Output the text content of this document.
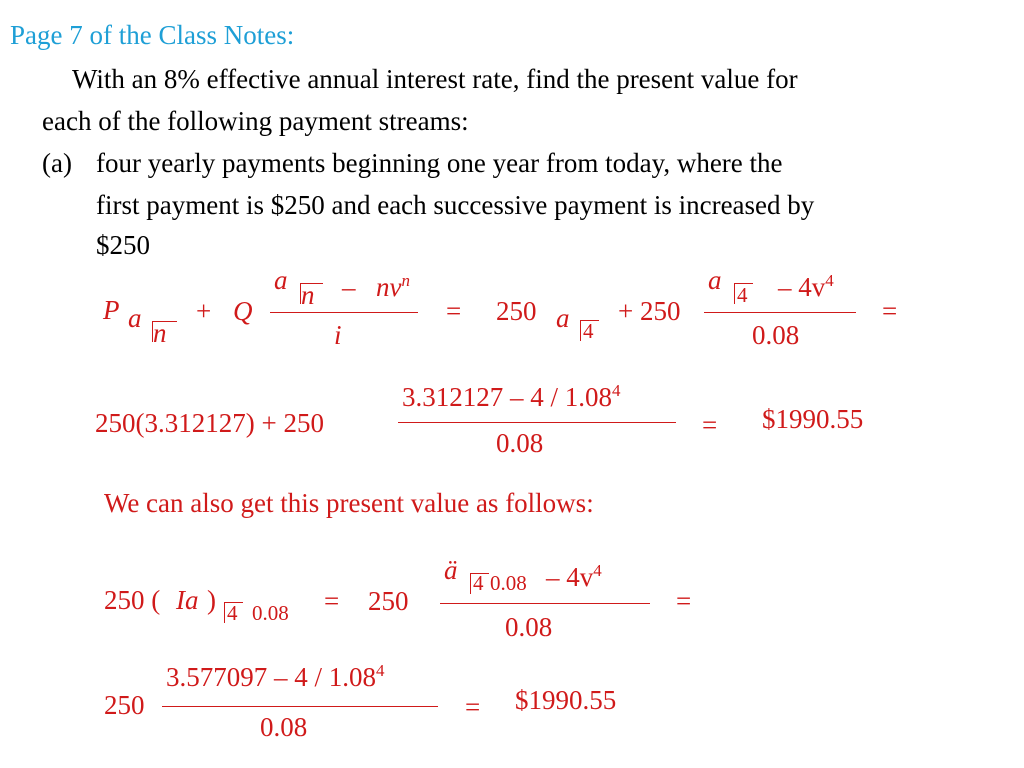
Page 7 of the Class Notes:
With an 8% effective annual interest rate, find the present value for
each of the following payment streams:
(a) four yearly payments beginning one year from today, where the
first payment is $250 and each successive payment is increased by
$250
P a n
+ Q
a n – $nv^n$
i
= 250 a 4
+ 250
a $4 - 4v^4$
0.08
=
250(3.312127) + 250
3.312127 – 4 / 1.08$^4$
0.08
= $1990.55
We can also get this present value as follows:
250 ( Ia ) 4 0.08 = 250
ä 4 $0.08 - 4v^4$
0.08
=
250
3.577097 – 4 / 1.08$^4$
0.08
= $1990.55
